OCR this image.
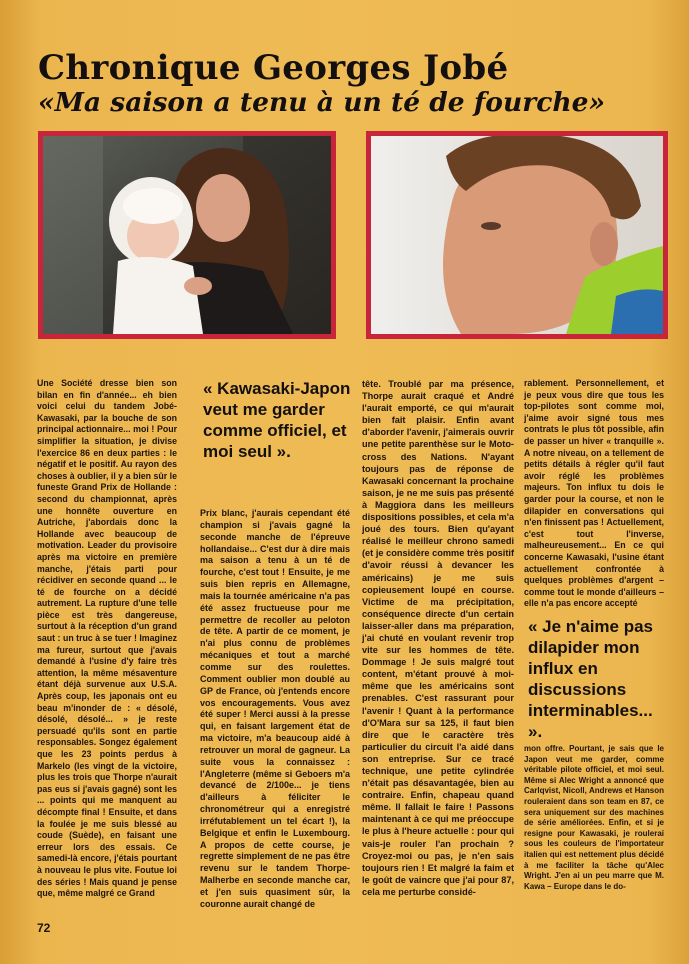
Chronique Georges Jobé
«Ma saison a tenu à un té de fourche»

Une Société dresse bien son bilan en fin d'année... eh bien voici celui du tandem Jobé-Kawasaki, par la bouche de son principal actionnaire... moi ! Pour simplifier la situation, je divise l'exercice 86 en deux parties : le négatif et le positif. Au rayon des choses à oublier, il y a bien sûr le funeste Grand Prix de Hollande : second du championnat, après une honnête ouverture en Autriche, j'abordais donc la Hollande avec beaucoup de motivation. Leader du provisoire après ma victoire en première manche, j'étais parti pour récidiver en seconde quand ... le té de fourche on a décidé autrement. La rupture d'une telle pièce est très dangereuse, surtout à la réception d'un grand saut : un truc à se tuer ! Imaginez ma fureur, surtout que j'avais demandé à l'usine d'y faire très attention, la même mésaventure étant déjà survenue aux U.S.A. Après coup, les japonais ont eu beau m'inonder de : « désolé, désolé, désolé... » je reste persuadé qu'ils sont en partie responsables. Songez également que les 23 points perdus à Markelo (les vingt de la victoire, plus les trois que Thorpe n'aurait pas eus si j'avais gagné) sont les ... points qui me manquent au décompte final ! Ensuite, et dans la foulée je me suis blessé au coude (Suède), en faisant une erreur lors des essais. Ce samedi-là encore, j'étais pourtant à nouveau le plus vite. Foutue loi des séries ! Mais quand je pense que, même malgré ce Grand

« Kawasaki-Japon veut me garder comme officiel, et moi seul ».

Prix blanc, j'aurais cependant été champion si j'avais gagné la seconde manche de l'épreuve hollandaise... C'est dur à dire mais ma saison a tenu à un té de fourche, c'est tout ! Ensuite, je me suis bien repris en Allemagne, mais la tournée américaine n'a pas été assez fructueuse pour me permettre de recoller au peloton de tête. A partir de ce moment, je n'ai plus connu de problèmes mécaniques et tout a marché comme sur des roulettes. Comment oublier mon doublé au GP de France, où j'entends encore vos encouragements. Vous avez été super ! Merci aussi à la presse qui, en faisant largement état de ma victoire, m'a beaucoup aidé à retrouver un moral de gagneur. La suite vous la connaissez : l'Angleterre (même si Geboers m'a devancé de 2/100e... je tiens d'ailleurs à féliciter le chronométreur qui a enregistré irréfutablement un tel écart !), la Belgique et enfin le Luxembourg. A propos de cette course, je regrette simplement de ne pas être revenu sur le tandem Thorpe-Malherbe en seconde manche car, et j'en suis quasiment sûr, la couronne aurait changé de

tête. Troublé par ma présence, Thorpe aurait craqué et André l'aurait emporté, ce qui m'aurait bien fait plaisir. Enfin avant d'aborder l'avenir, j'aimerais ouvrir une petite parenthèse sur le Moto-cross des Nations. N'ayant toujours pas de réponse de Kawasaki concernant la prochaine saison, je ne me suis pas présenté à Maggiora dans les meilleurs dispositions possibles, et cela m'a joué des tours. Bien qu'ayant réalisé le meilleur chrono samedi (et je considère comme très positif d'avoir réussi à devancer les américains) je me suis copieusement loupé en course. Victime de ma précipitation, conséquence directe d'un certain laisser-aller dans ma préparation, j'ai chuté en voulant revenir trop vite sur les hommes de tête. Dommage ! Je suis malgré tout content, m'étant prouvé à moi-même que les américains sont prenables. C'est rassurant pour l'avenir ! Quant à la performance d'O'Mara sur sa 125, il faut bien dire que le caractère très particulier du circuit l'a aidé dans son entreprise. Sur ce tracé technique, une petite cylindrée n'était pas désavantagée, bien au contraire. Enfin, chapeau quand même. Il fallait le faire ! Passons maintenant à ce qui me préoccupe le plus à l'heure actuelle : pour qui vais-je rouler l'an prochain ? Croyez-moi ou pas, je n'en sais toujours rien ! Et malgré la faim et le goût de vaincre que j'ai pour 87, cela me perturbe considé-

rablement. Personnellement, et je peux vous dire que tous les top-pilotes sont comme moi, j'aime avoir signé tous mes contrats le plus tôt possible, afin de passer un hiver « tranquille ». A notre niveau, on a tellement de petits détails à régler qu'il faut avoir réglé les problèmes majeurs. Ton influx tu dois le garder pour la course, et non le dilapider en conversations qui n'en finissent pas ! Actuellement, c'est tout l'inverse, malheureusement... En ce qui concerne Kawasaki, l'usine étant actuellement confrontée à quelques problèmes d'argent – comme tout le monde d'ailleurs – elle n'a pas encore accepté

« Je n'aime pas dilapider mon influx en discussions interminables... ».

mon offre. Pourtant, je sais que le Japon veut me garder, comme véritable pilote officiel, et moi seul. Même si Alec Wright a annoncé que Carlqvist, Nicoll, Andrews et Hanson rouleraient dans son team en 87, ce sera uniquement sur des machines de série améliorées. Enfin, et si je resigne pour Kawasaki, je roulerai sous les couleurs de l'importateur italien qui est nettement plus décidé à me faciliter la tâche qu'Alec Wright. J'en ai un peu marre que M. Kawa – Europe dans le do-

72
